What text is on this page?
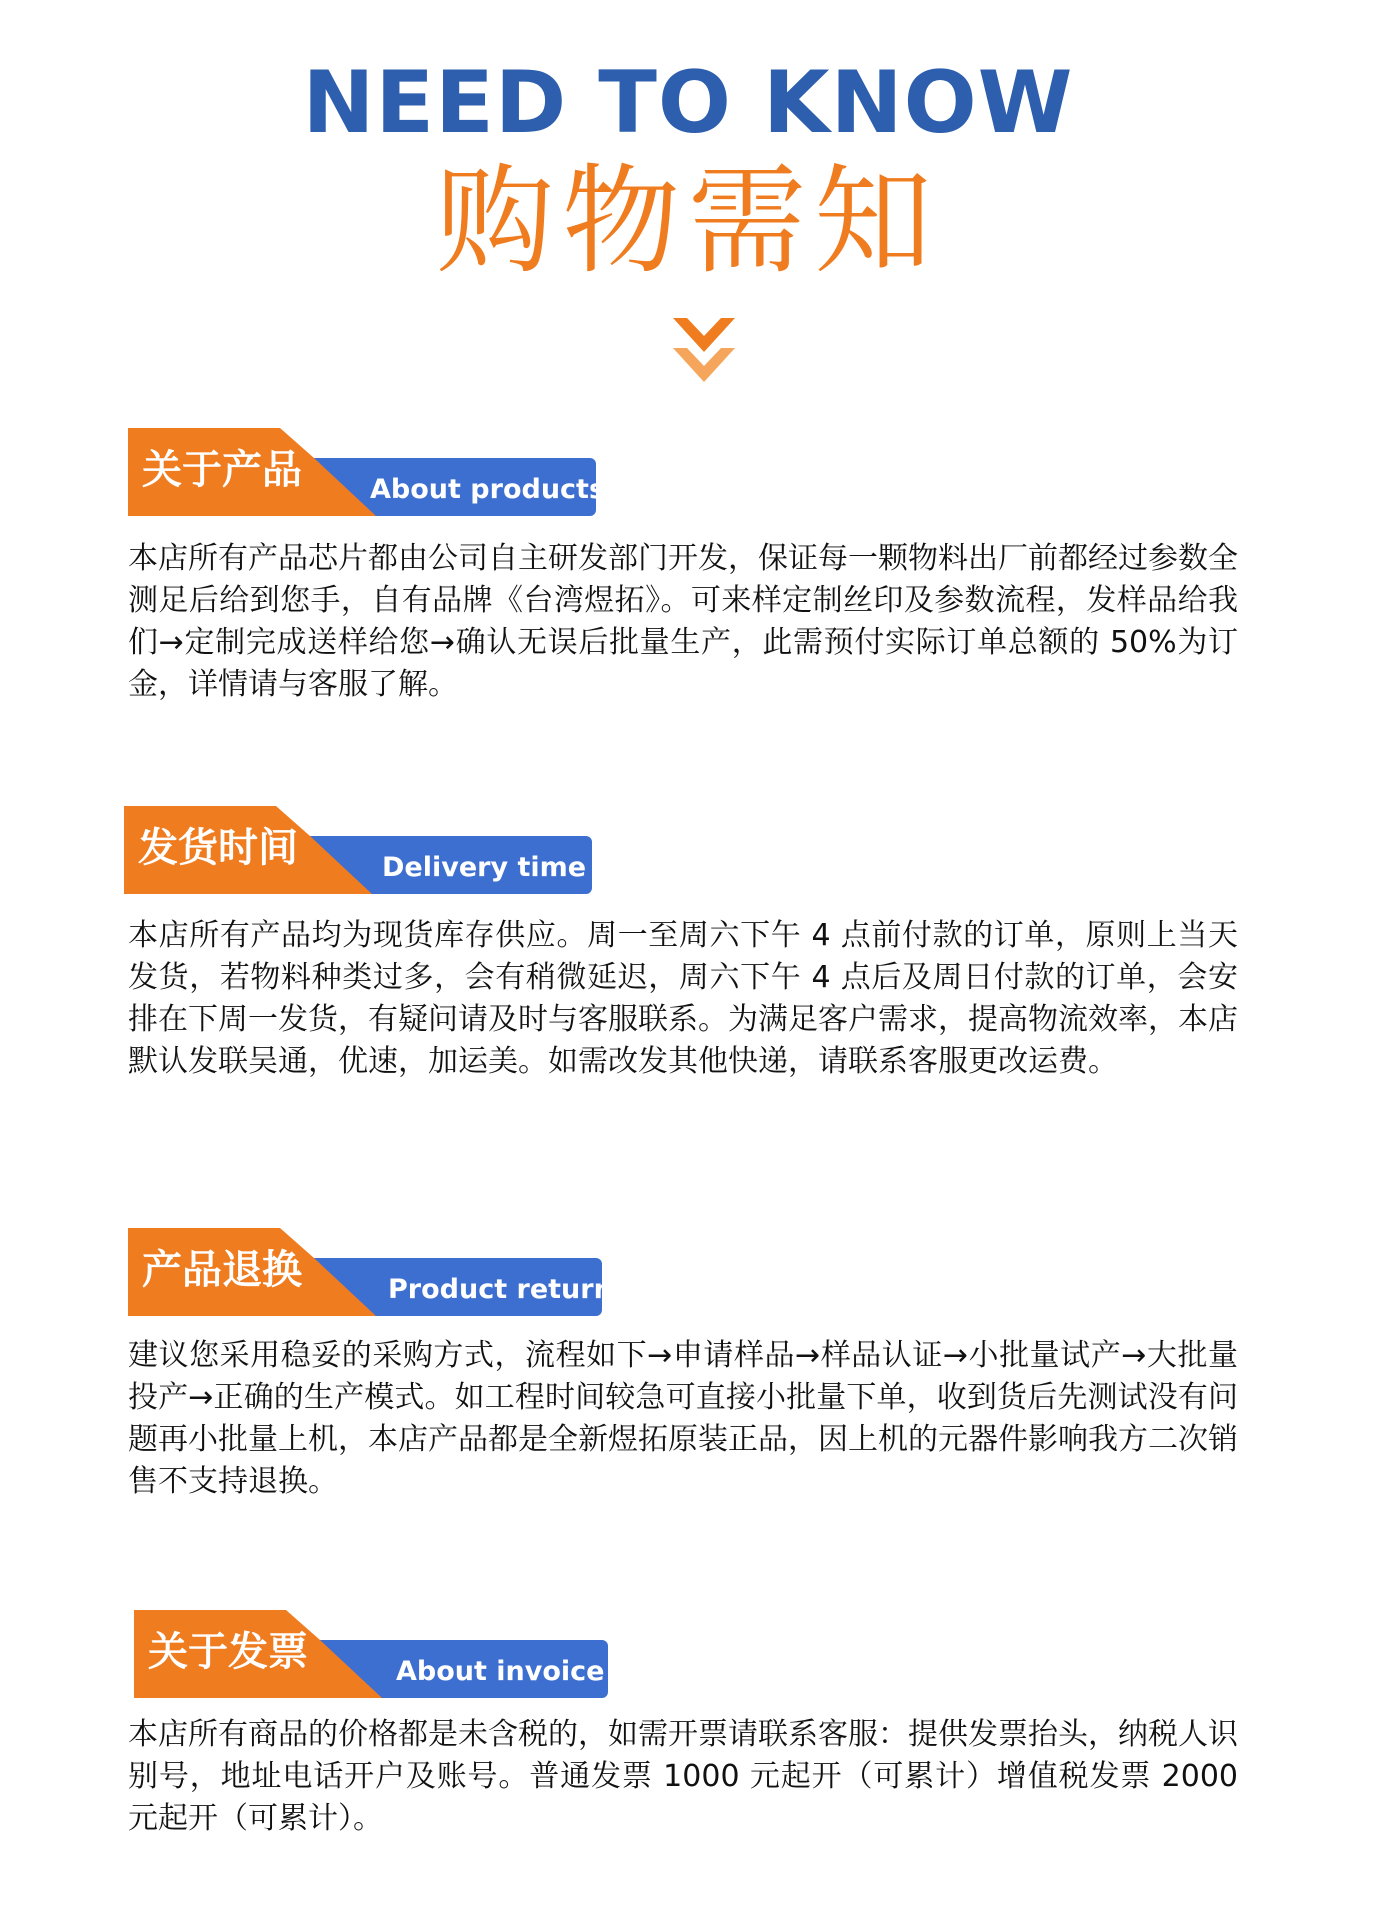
NEED TO KNOW
购物需知
关于产品	About products

本店所有产品芯片都由公司自主研发部门开发，保证每一颗物料出厂前都经过参数全测足后给到您手，自有品牌《台湾煜拓》。可来样定制丝印及参数流程，发样品给我们→定制完成送样给您→确认无误后批量生产，此需预付实际订单总额的 50%为订金，详情请与客服了解。

发货时间	Delivery time

本店所有产品均为现货库存供应。周一至周六下午 4 点前付款的订单，原则上当天发货，若物料种类过多，会有稍微延迟，周六下午 4 点后及周日付款的订单，会安排在下周一发货，有疑问请及时与客服联系。为满足客户需求，提高物流效率，本店默认发联吴通，优速，加运美。如需改发其他快递，请联系客服更改运费。

产品退换	Product return

建议您采用稳妥的采购方式，流程如下→申请样品→样品认证→小批量试产→大批量投产→正确的生产模式。如工程时间较急可直接小批量下单，收到货后先测试没有问题再小批量上机，本店产品都是全新煜拓原装正品，因上机的元器件影响我方二次销售不支持退换。

关于发票	About invoice

本店所有商品的价格都是未含税的，如需开票请联系客服：提供发票抬头，纳税人识别号，地址电话开户及账号。普通发票 1000 元起开（可累计）增值税发票 2000 元起开（可累计）。
